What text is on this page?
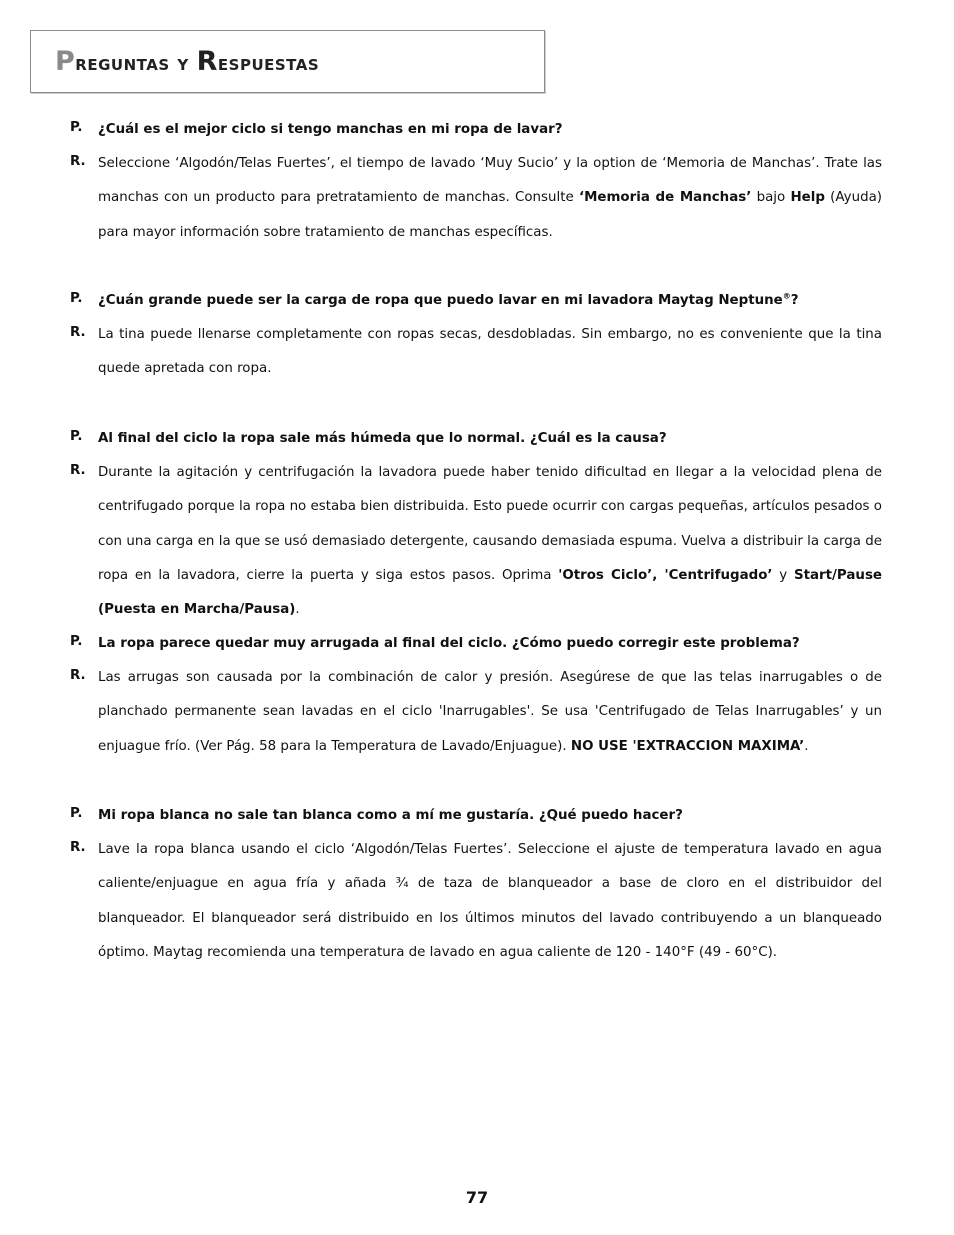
Preguntas y Respuestas
P. ¿Cuál es el mejor ciclo si tengo manchas en mi ropa de lavar?
R. Seleccione ‘Algodón/Telas Fuertes’, el tiempo de lavado ‘Muy Sucio’ y la option de ‘Memoria de Manchas’. Trate las manchas con un producto para pretratamiento de manchas. Consulte ‘Memoria de Manchas’ bajo Help (Ayuda) para mayor información sobre tratamiento de manchas específicas.
P. ¿Cuán grande puede ser la carga de ropa que puedo lavar en mi lavadora Maytag Neptune®?
R. La tina puede llenarse completamente con ropas secas, desdobladas. Sin embargo, no es conveniente que la tina quede apretada con ropa.
P. Al final del ciclo la ropa sale más húmeda que lo normal. ¿Cuál es la causa?
R. Durante la agitación y centrifugación la lavadora puede haber tenido dificultad en llegar a la velocidad plena de centrifugado porque la ropa no estaba bien distribuida. Esto puede ocurrir con cargas pequeñas, artículos pesados o con una carga en la que se usó demasiado detergente, causando demasiada espuma. Vuelva a distribuir la carga de ropa en la lavadora, cierre la puerta y siga estos pasos. Oprima 'Otros Ciclo’, 'Centrifugado’ y Start/Pause (Puesta en Marcha/Pausa).
P. La ropa parece quedar muy arrugada al final del ciclo. ¿Cómo puedo corregir este problema?
R. Las arrugas son causada por la combinación de calor y presión. Asegúrese de que las telas inarrugables o de planchado permanente sean lavadas en el ciclo 'Inarrugables'. Se usa 'Centrifugado de Telas Inarrugables’ y un enjuague frío. (Ver Pág. 58 para la Temperatura de Lavado/Enjuague). NO USE 'EXTRACCION MAXIMA’.
P. Mi ropa blanca no sale tan blanca como a mí me gustaría. ¿Qué puedo hacer?
R. Lave la ropa blanca usando el ciclo ‘Algodón/Telas Fuertes’. Seleccione el ajuste de temperatura lavado en agua caliente/enjuague en agua fría y añada ¾ de taza de blanqueador a base de cloro en el distribuidor del blanqueador. El blanqueador será distribuido en los últimos minutos del lavado contribuyendo a un blanqueado óptimo. Maytag recomienda una temperatura de lavado en agua caliente de 120 - 140°F (49 - 60°C).
77
